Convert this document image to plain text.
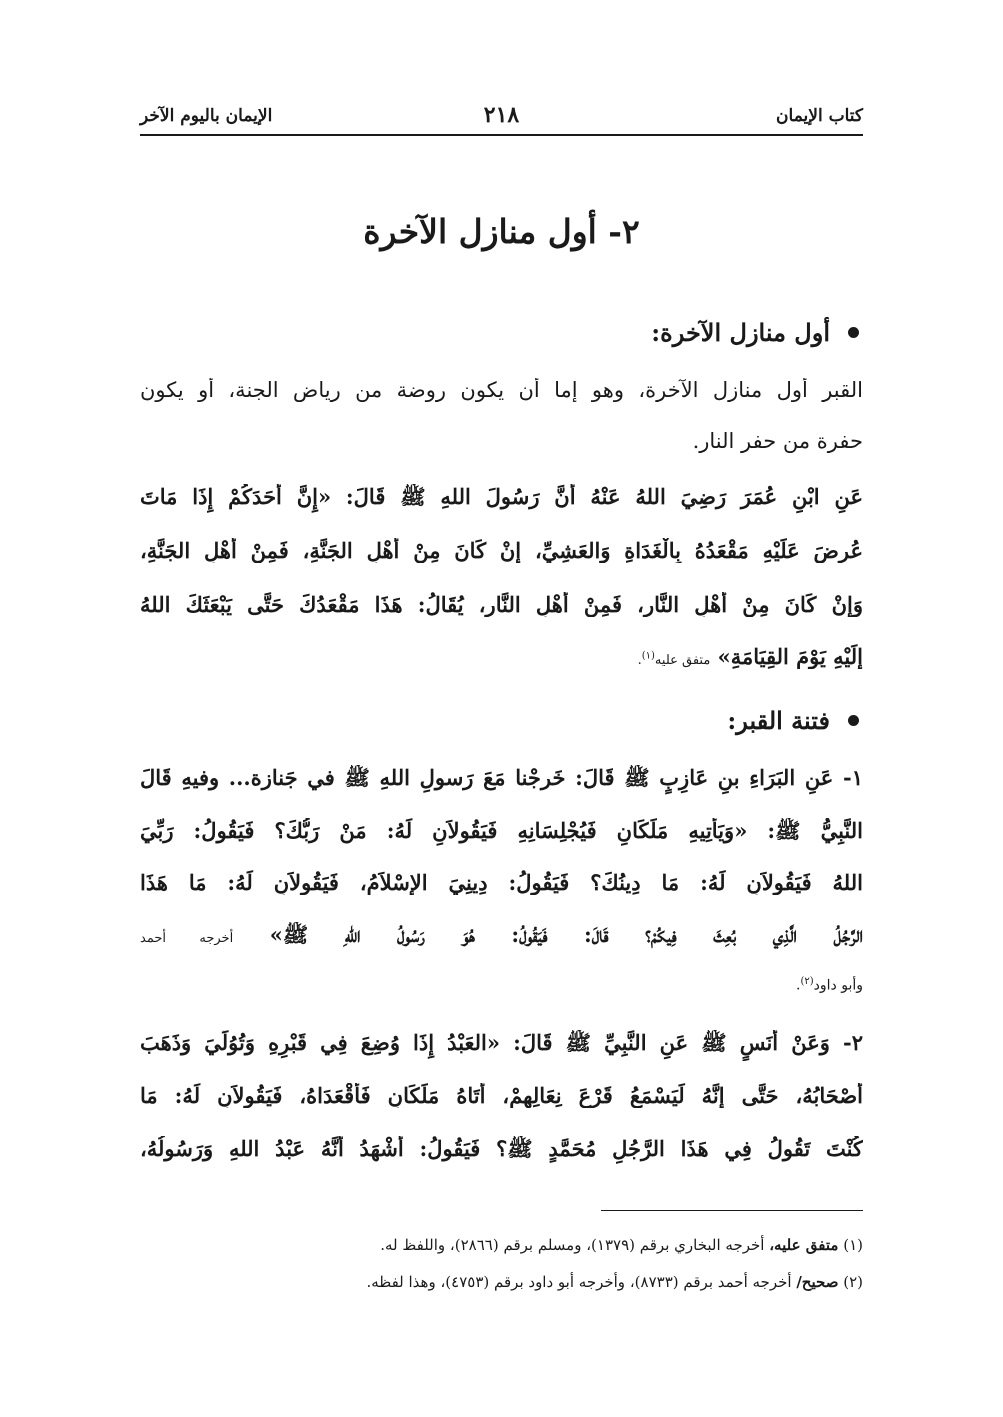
كتاب الإيمان
٢١٨
الإيمان باليوم الآخر
٢- أول منازل الآخرة
أول منازل الآخرة:
القبر أول منازل الآخرة، وهو إما أن يكون روضة من رياض الجنة، أو يكون
حفرة من حفر النار.
عَنِ ابْنِ عُمَرَ رَضِيَ اللهُ عَنْهُ أَنَّ رَسُولَ اللهِ ﷺ قَالَ: «إِنَّ أَحَدَكُمْ إِذَا مَاتَ
عُرِضَ عَلَيْهِ مَقْعَدُهُ بِالْغَدَاةِ وَالعَشِيِّ، إِنْ كَانَ مِنْ أَهْلِ الجَنَّةِ، فَمِنْ أَهْلِ الجَنَّةِ،
وَإِنْ كَانَ مِنْ أَهْلِ النَّارِ، فَمِنْ أَهْلِ النَّارِ، يُقَالُ: هَذَا مَقْعَدُكَ حَتَّى يَبْعَثَكَ اللهُ
إِلَيْهِ يَوْمَ القِيَامَةِ» متفق عليه$^{(١)}$.
فتنة القبر:
١- عَنِ البَرَاءِ بنِ عَازِبٍ ﷺ قَالَ: خَرجْنا مَعَ رَسولِ اللهِ ﷺ في جَنازة... وفيهِ قَالَ
النَّبِيُّ ﷺ: «وَيَأْتِيهِ مَلَكَانِ فَيُجْلِسَانِهِ فَيَقُولاَنِ لَهُ: مَنْ رَبُّكَ؟ فَيَقُولُ: رَبِّيَ
اللهُ فَيَقُولاَنِ لَهُ: مَا دِينُكَ؟ فَيَقُولُ: دِينِيَ الإِسْلاَمُ، فَيَقُولاَنِ لَهُ: مَا هَذَا
الرَّجُلُ الَّذِي بُعِثَ فِيكُمْ؟ قَالَ: فَيَقُولُ: هُوَ رَسُولُ اللهِ ﷺ» أخرجه أحمد
وأبو داود$^{(٢)}$.
٢- وَعَنْ أَنَسٍ ﷺ عَنِ النَّبِيِّ ﷺ قَالَ: «العَبْدُ إِذَا وُضِعَ فِي قَبْرِهِ وَتُوُلِّيَ وَذَهَبَ
أَصْحَابُهُ، حَتَّى إِنَّهُ لَيَسْمَعُ قَرْعَ نِعَالِهِمْ، أَتَاهُ مَلَكَانِ فَأَقْعَدَاهُ، فَيَقُولاَنِ لَهُ: مَا
كُنْتَ تَقُولُ فِي هَذَا الرَّجُلِ مُحَمَّدٍ ﷺ؟ فَيَقُولُ: أَشْهَدُ أَنَّهُ عَبْدُ اللهِ وَرَسُولُهُ،
(١) متفق عليه، أخرجه البخاري برقم (١٣٧٩)، ومسلم برقم (٢٨٦٦)، واللفظ له.
(٢) صحيح/ أخرجه أحمد برقم (٨٧٣٣)، وأخرجه أبو داود برقم (٤٧٥٣)، وهذا لفظه.
